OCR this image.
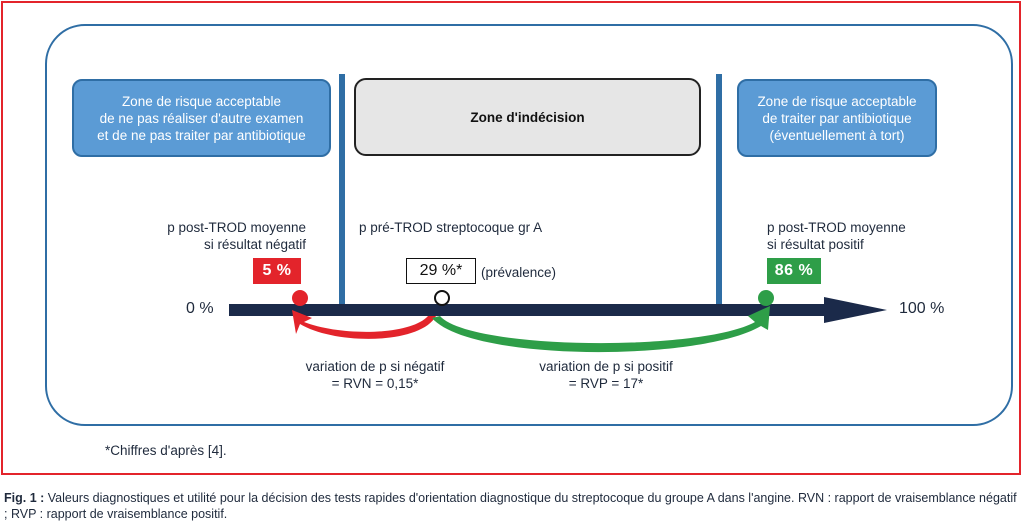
Zone de risque acceptable
de ne pas réaliser d'autre examen
et de ne pas traiter par antibiotique
Zone d'indécision
Zone de risque acceptable
de traiter par antibiotique
(éventuellement à tort)
p post-TROD moyenne
si résultat négatif
p pré-TROD streptocoque gr A	p post-TROD moyenne
si résultat positif
5 %	29 %*	(prévalence)	86 %
0 %	100 %
variation de p si négatif
= RVN = 0,15*
variation de p si positif
= RVP = 17*
*Chiffres d'après [4].
Fig. 1 : Valeurs diagnostiques et utilité pour la décision des tests rapides d'orientation diagnostique du streptocoque du groupe A dans l'angine. RVN : rapport de vraisemblance négatif ; RVP : rapport de vraisemblance positif.
